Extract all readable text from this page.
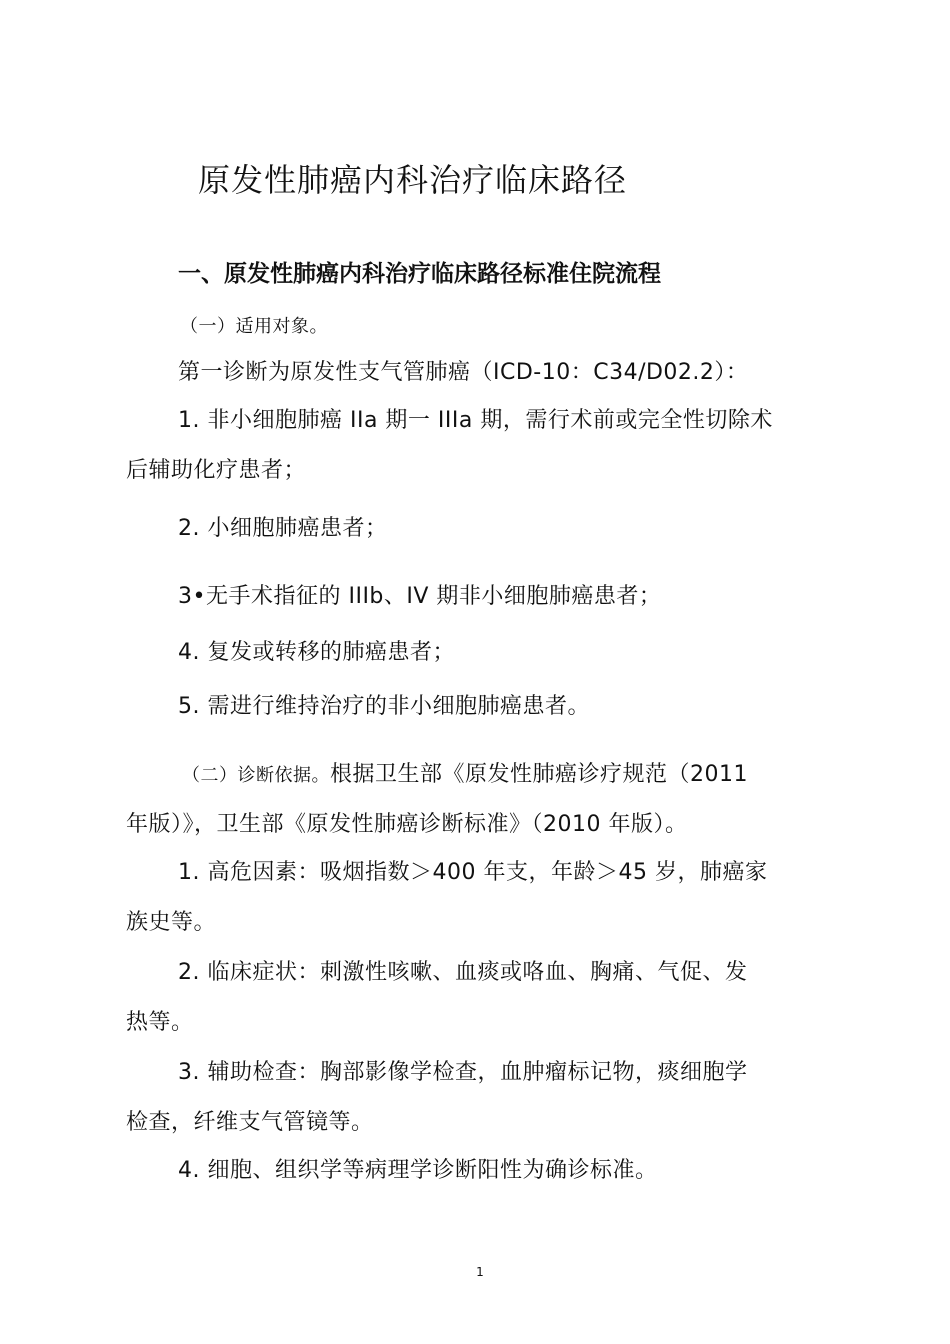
原发性肺癌内科治疗临床路径
一、原发性肺癌内科治疗临床路径标准住院流程
（一）适用对象。
第一诊断为原发性支气管肺癌（ICD-10：C34/D02.2）：
1. 非小细胞肺癌 IIa 期一 IIIa 期，需行术前或完全性切除术
后辅助化疗患者；
2. 小细胞肺癌患者；
3•无手术指征的 IIIb、IV 期非小细胞肺癌患者；
4. 复发或转移的肺癌患者；
5. 需进行维持治疗的非小细胞肺癌患者。
（二）诊断依据。根据卫生部《原发性肺癌诊疗规范（2011
年版）》，卫生部《原发性肺癌诊断标准》（2010 年版）。
1. 高危因素：吸烟指数＞400 年支，年龄＞45 岁，肺癌家
族史等。
2. 临床症状：刺激性咳嗽、血痰或咯血、胸痛、气促、发
热等。
3. 辅助检查：胸部影像学检查，血肿瘤标记物，痰细胞学
检查，纤维支气管镜等。
4. 细胞、组织学等病理学诊断阳性为确诊标准。
1
